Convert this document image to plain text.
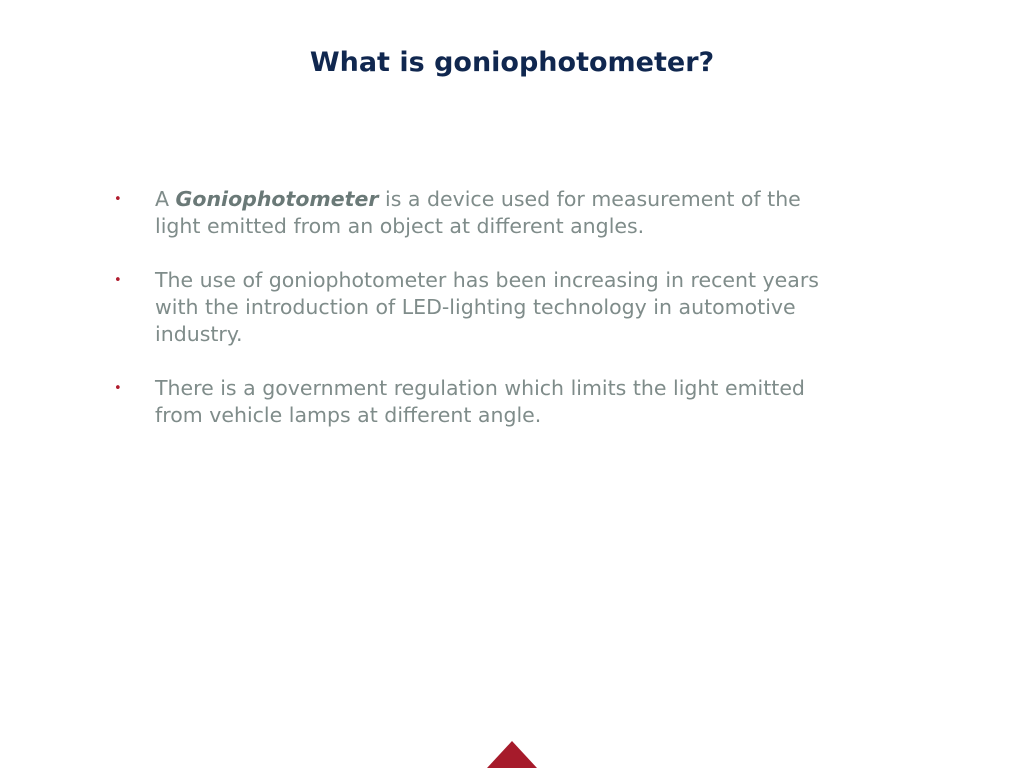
What is goniophotometer?
•	A Goniophotometer is a device used for measurement of the
light emitted from an object at different angles.
•	The use of goniophotometer has been increasing in recent years
with the introduction of LED-lighting technology in automotive
industry.
•	There is a government regulation which limits the light emitted
from vehicle lamps at different angle.
